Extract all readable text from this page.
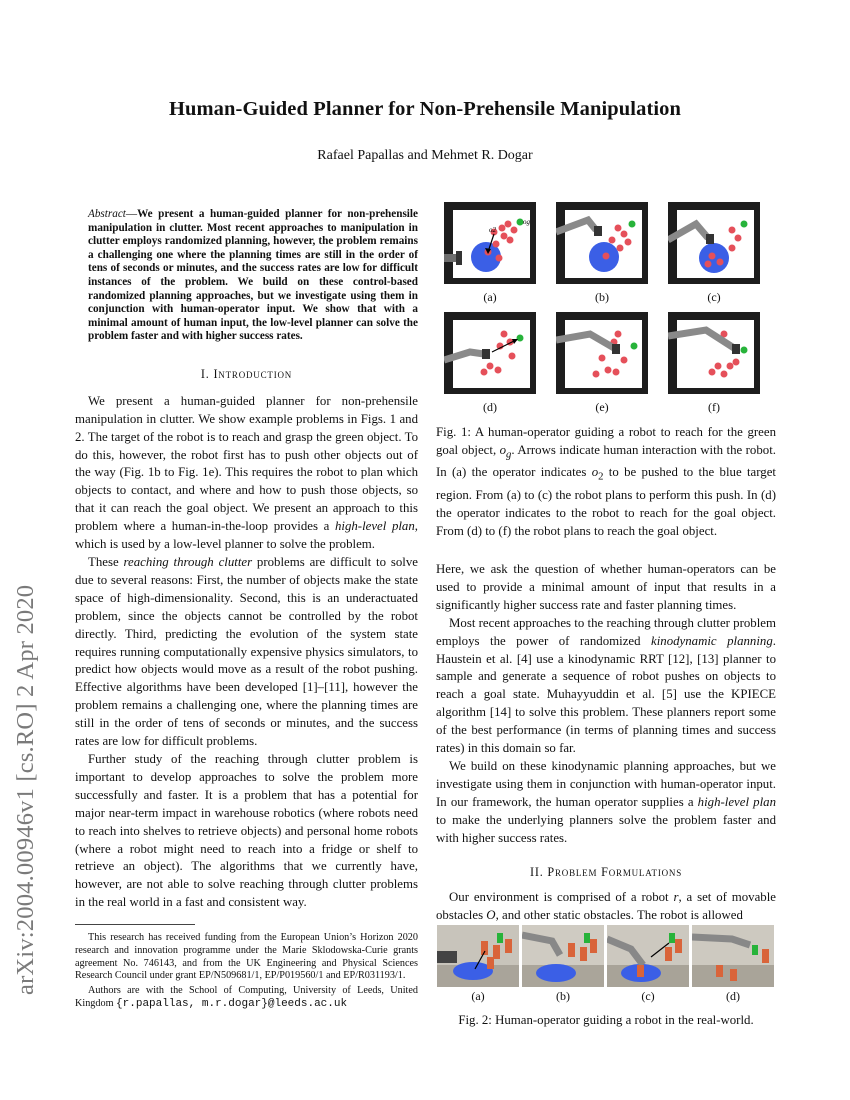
arXiv:2004.00946v1 [cs.RO] 2 Apr 2020
Human-Guided Planner for Non-Prehensile Manipulation
Rafael Papallas and Mehmet R. Dogar
Abstract—We present a human-guided planner for non-prehensile manipulation in clutter. Most recent approaches to manipulation in clutter employs randomized planning, however, the problem remains a challenging one where the planning times are still in the order of tens of seconds or minutes, and the success rates are low for difficult instances of the problem. We build on these control-based randomized planning approaches, but we investigate using them in conjunction with human-operator input. We show that with a minimal amount of human input, the low-level planner can solve the problem faster and with higher success rates.
I. Introduction

We present a human-guided planner for non-prehensile manipulation in clutter. We show example problems in Figs. 1 and 2. The target of the robot is to reach and grasp the green object. To do this, however, the robot first has to push other objects out of the way (Fig. 1b to Fig. 1e). This requires the robot to plan which objects to contact, and where and how to push those objects, so that it can reach the goal object. We present an approach to this problem where a human-in-the-loop provides a high-level plan, which is used by a low-level planner to solve the problem.

These reaching through clutter problems are difficult to solve due to several reasons: First, the number of objects make the state space of high-dimensionality. Second, this is an underactuated problem, since the objects cannot be controlled by the robot directly. Third, predicting the evolution of the system state requires running computationally expensive physics simulators, to predict how objects would move as a result of the robot pushing. Effective algorithms have been developed [1]–[11], however the problem remains a challenging one, where the planning times are still in the order of tens of seconds or minutes, and the success rates are low for difficult problems.

Further study of the reaching through clutter problem is important to develop approaches to solve the problem more successfully and faster. It is a problem that has a potential for major near-term impact in warehouse robotics (where robots need to reach into shelves to retrieve objects) and personal home robots (where a robot might need to reach into a fridge or shelf to retrieve an object). The algorithms that we currently have, however, are not able to solve reaching through clutter problems in the real world in a fast and consistent way.

This research has received funding from the European Union’s Horizon 2020 research and innovation programme under the Marie Sklodowska-Curie grants agreement No. 746143, and from the UK Engineering and Physical Sciences Research Council under grant EP/N509681/1, EP/P019560/1 and EP/R031193/1.

Authors are with the School of Computing, University of Leeds, United Kingdom {r.papallas, m.r.dogar}@leeds.ac.uk

o2
og
(a)	(b)	(c)
(d)	(e)	(f)
Fig. 1: A human-operator guiding a robot to reach for the green goal object, $o_g$. Arrows indicate human interaction with the robot. In (a) the operator indicates $o_2$ to be pushed to the blue target region. From (a) to (c) the robot plans to perform this push. In (d) the operator indicates to the robot to reach for the goal object. From (d) to (f) the robot plans to reach the goal object.

Here, we ask the question of whether human-operators can be used to provide a minimal amount of input that results in a significantly higher success rate and faster planning times.

Most recent approaches to the reaching through clutter problem employs the power of randomized kinodynamic planning. Haustein et al. [4] use a kinodynamic RRT [12], [13] planner to sample and generate a sequence of robot pushes on objects to reach a goal state. Muhayyuddin et al. [5] use the KPIECE algorithm [14] to solve this problem. These planners report some of the best performance (in terms of planning times and success rates) in this domain so far.

We build on these kinodynamic planning approaches, but we investigate using them in conjunction with human-operator input. In our framework, the human operator supplies a high-level plan to make the underlying planners solve the problem faster and with higher success rates.

II. Problem Formulations

Our environment is comprised of a robot r, a set of movable obstacles O, and other static obstacles. The robot is allowed

(a)	(b)	(c)	(d)
Fig. 2: Human-operator guiding a robot in the real-world.
